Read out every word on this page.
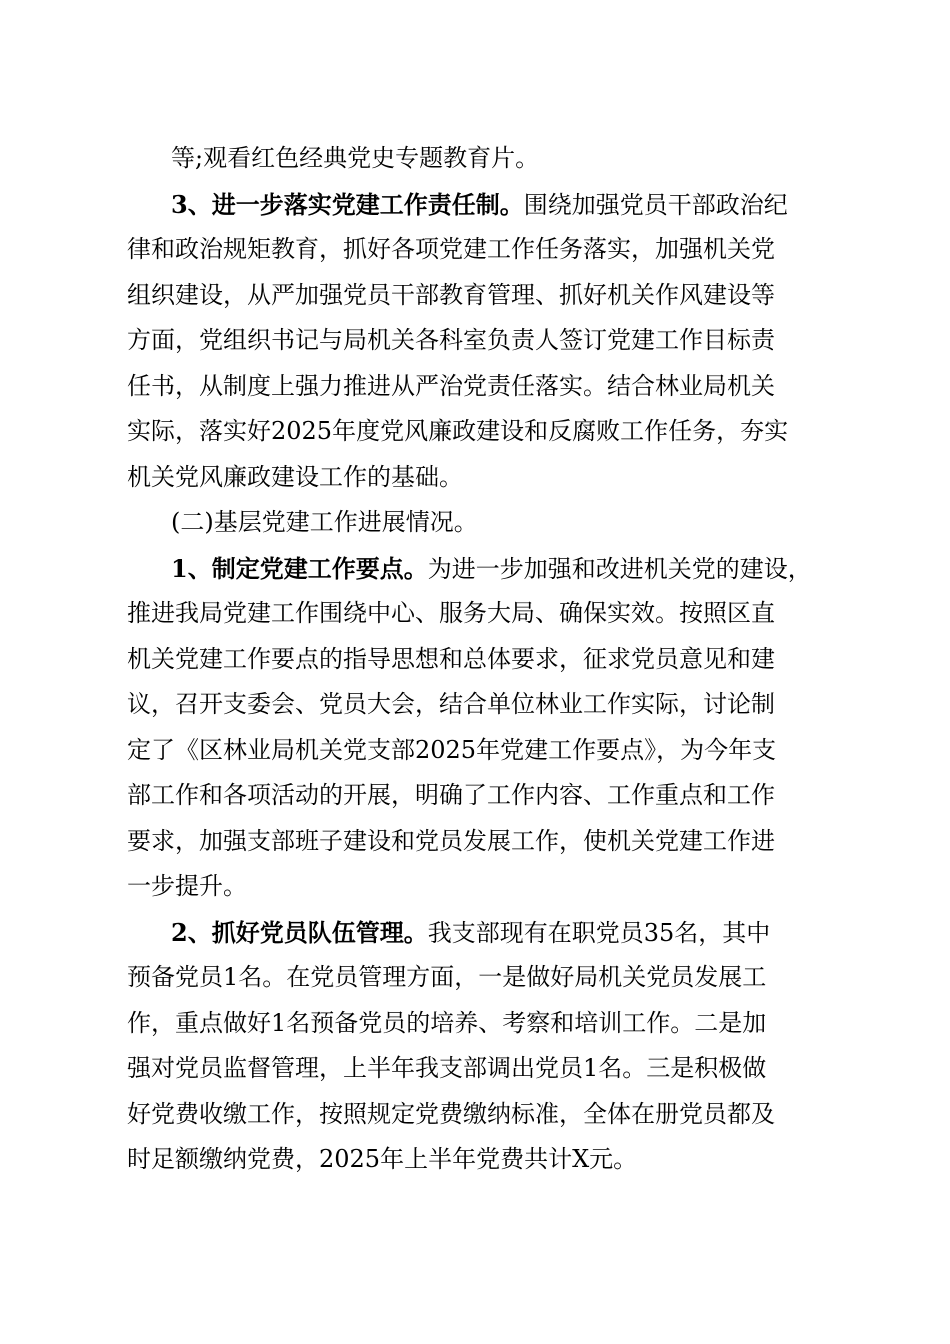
等;观看红色经典党史专题教育片。
3、进一步落实党建工作责任制。围绕加强党员干部政治纪
律和政治规矩教育，抓好各项党建工作任务落实，加强机关党
组织建设，从严加强党员干部教育管理、抓好机关作风建设等
方面，党组织书记与局机关各科室负责人签订党建工作目标责
任书，从制度上强力推进从严治党责任落实。结合林业局机关
实际，落实好2025年度党风廉政建设和反腐败工作任务，夯实
机关党风廉政建设工作的基础。
(二)基层党建工作进展情况。
1、制定党建工作要点。为进一步加强和改进机关党的建设，
推进我局党建工作围绕中心、服务大局、确保实效。按照区直
机关党建工作要点的指导思想和总体要求，征求党员意见和建
议，召开支委会、党员大会，结合单位林业工作实际，讨论制
定了《区林业局机关党支部2025年党建工作要点》，为今年支
部工作和各项活动的开展，明确了工作内容、工作重点和工作
要求，加强支部班子建设和党员发展工作，使机关党建工作进
一步提升。
2、抓好党员队伍管理。我支部现有在职党员35名，其中
预备党员1名。在党员管理方面，一是做好局机关党员发展工
作，重点做好1名预备党员的培养、考察和培训工作。二是加
强对党员监督管理，上半年我支部调出党员1名。三是积极做
好党费收缴工作，按照规定党费缴纳标准，全体在册党员都及
时足额缴纳党费，2025年上半年党费共计X元。
